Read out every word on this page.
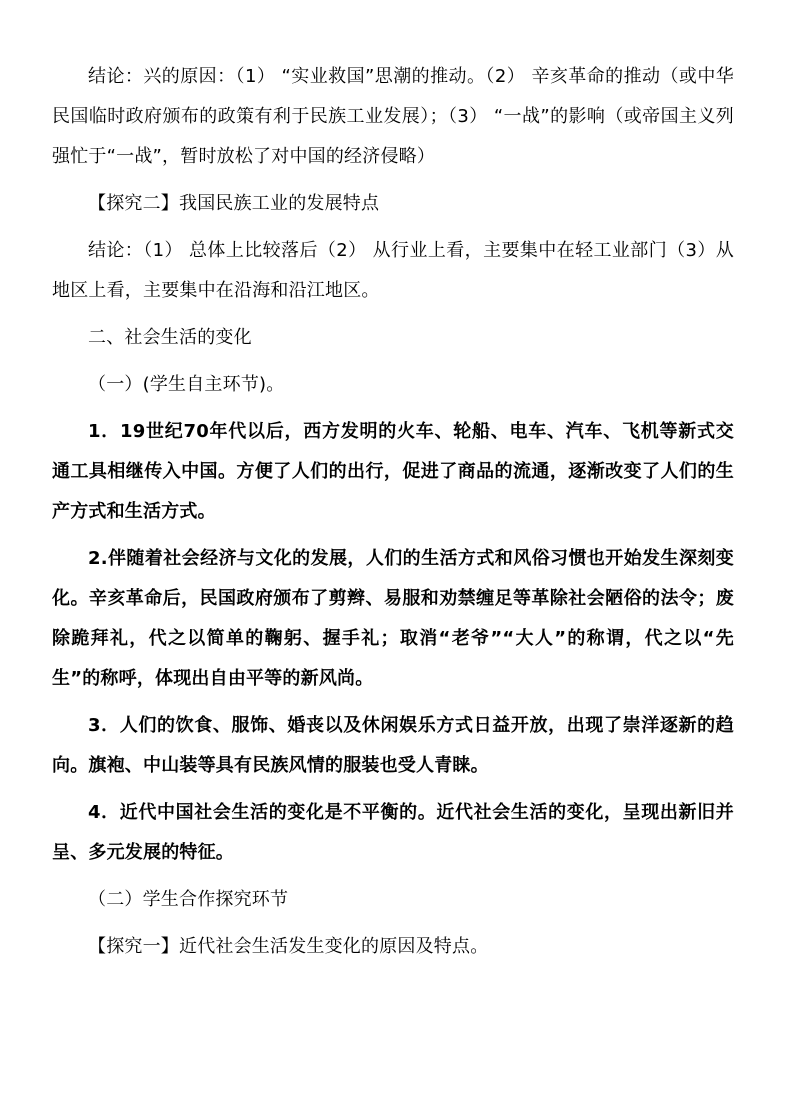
结论：兴的原因：（1） “实业救国”思潮的推动。（2） 辛亥革命的推动（或中华民国临时政府颁布的政策有利于民族工业发展）；（3） “一战”的影响（或帝国主义列强忙于“一战”，暂时放松了对中国的经济侵略）

【探究二】我国民族工业的发展特点

结论：（1） 总体上比较落后（2） 从行业上看，主要集中在轻工业部门（3）从地区上看，主要集中在沿海和沿江地区。

二、社会生活的变化

（一）(学生自主环节)。

1．19世纪70年代以后，西方发明的火车、轮船、电车、汽车、飞机等新式交通工具相继传入中国。方便了人们的出行，促进了商品的流通，逐渐改变了人们的生产方式和生活方式。

2.伴随着社会经济与文化的发展，人们的生活方式和风俗习惯也开始发生深刻变化。辛亥革命后，民国政府颁布了剪辫、易服和劝禁缠足等革除社会陋俗的法令；废除跪拜礼，代之以简单的鞠躬、握手礼；取消“老爷”“大人”的称谓，代之以“先生”的称呼，体现出自由平等的新风尚。

3．人们的饮食、服饰、婚丧以及休闲娱乐方式日益开放，出现了崇洋逐新的趋向。旗袍、中山装等具有民族风情的服装也受人青睐。

4．近代中国社会生活的变化是不平衡的。近代社会生活的变化，呈现出新旧并呈、多元发展的特征。

（二）学生合作探究环节

【探究一】近代社会生活发生变化的原因及特点。
